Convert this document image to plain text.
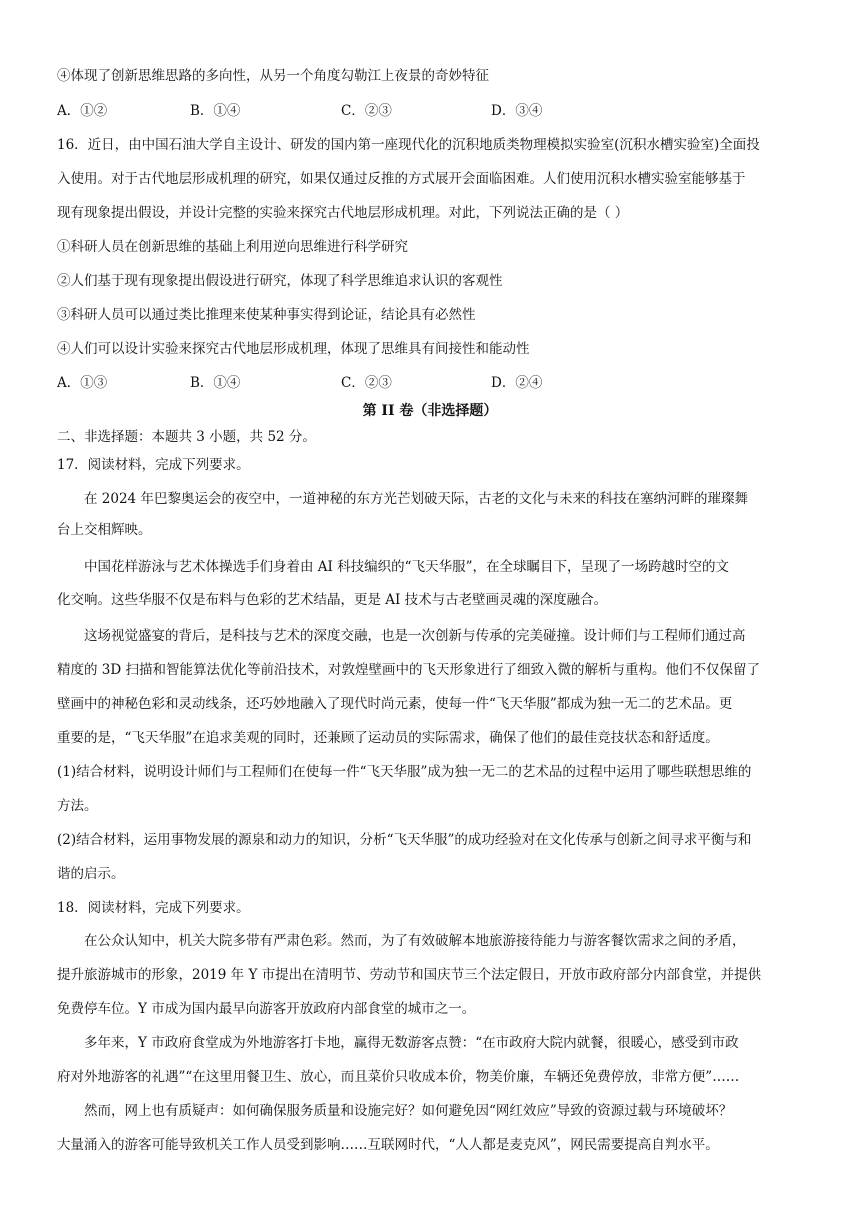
④体现了创新思维思路的多向性，从另一个角度勾勒江上夜景的奇妙特征
A．①②	B．①④	C．②③	D．③④
16．近日，由中国石油大学自主设计、研发的国内第一座现代化的沉积地质类物理模拟实验室(沉积水槽实验室)全面投
入使用。对于古代地层形成机理的研究，如果仅通过反推的方式展开会面临困难。人们使用沉积水槽实验室能够基于
现有现象提出假设，并设计完整的实验来探究古代地层形成机理。对此，下列说法正确的是（ ）
①科研人员在创新思维的基础上利用逆向思维进行科学研究
②人们基于现有现象提出假设进行研究，体现了科学思维追求认识的客观性
③科研人员可以通过类比推理来使某种事实得到论证，结论具有必然性
④人们可以设计实验来探究古代地层形成机理，体现了思维具有间接性和能动性
A．①③	B．①④	C．②③	D．②④
第 II 卷（非选择题）
二、非选择题：本题共 3 小题，共 52 分。
17．阅读材料，完成下列要求。
在 2024 年巴黎奥运会的夜空中，一道神秘的东方光芒划破天际，古老的文化与未来的科技在塞纳河畔的璀璨舞
台上交相辉映。
中国花样游泳与艺术体操选手们身着由 AI 科技编织的“飞天华服”，在全球瞩目下，呈现了一场跨越时空的文
化交响。这些华服不仅是布料与色彩的艺术结晶，更是 AI 技术与古老壁画灵魂的深度融合。
这场视觉盛宴的背后，是科技与艺术的深度交融，也是一次创新与传承的完美碰撞。设计师们与工程师们通过高
精度的 3D 扫描和智能算法优化等前沿技术，对敦煌壁画中的飞天形象进行了细致入微的解析与重构。他们不仅保留了
壁画中的神秘色彩和灵动线条，还巧妙地融入了现代时尚元素，使每一件“飞天华服”都成为独一无二的艺术品。更
重要的是，“飞天华服”在追求美观的同时，还兼顾了运动员的实际需求，确保了他们的最佳竞技状态和舒适度。
(1)结合材料，说明设计师们与工程师们在使每一件“飞天华服”成为独一无二的艺术品的过程中运用了哪些联想思维的
方法。
(2)结合材料，运用事物发展的源泉和动力的知识，分析“飞天华服”的成功经验对在文化传承与创新之间寻求平衡与和
谐的启示。
18．阅读材料，完成下列要求。
在公众认知中，机关大院多带有严肃色彩。然而，为了有效破解本地旅游接待能力与游客餐饮需求之间的矛盾，
提升旅游城市的形象，2019 年 Y 市提出在清明节、劳动节和国庆节三个法定假日，开放市政府部分内部食堂，并提供
免费停车位。Y 市成为国内最早向游客开放政府内部食堂的城市之一。
多年来，Y 市政府食堂成为外地游客打卡地，赢得无数游客点赞：“在市政府大院内就餐，很暖心，感受到市政
府对外地游客的礼遇”“在这里用餐卫生、放心，而且菜价只收成本价，物美价廉，车辆还免费停放，非常方便”……
然而，网上也有质疑声：如何确保服务质量和设施完好？如何避免因“网红效应”导致的资源过载与环境破坏？
大量涌入的游客可能导致机关工作人员受到影响……互联网时代，“人人都是麦克风”，网民需要提高自判水平。
